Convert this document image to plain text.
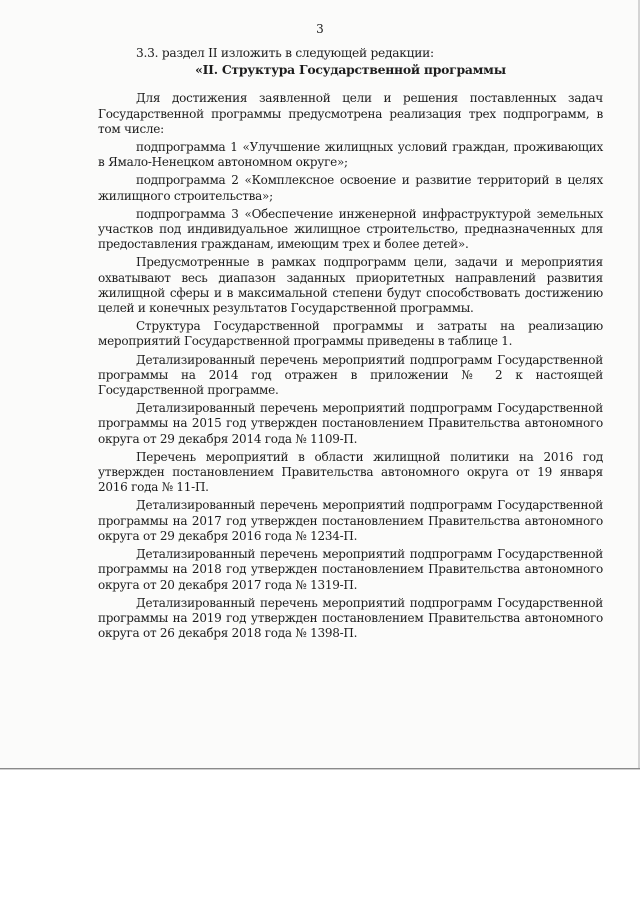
3
3.3. раздел II изложить в следующей редакции:
«II. Структура Государственной программы

Для достижения заявленной цели и решения поставленных задач Государственной программы предусмотрена реализация трех подпрограмм, в том числе:

подпрограмма 1 «Улучшение жилищных условий граждан, проживающих в Ямало-Ненецком автономном округе»;

подпрограмма 2 «Комплексное освоение и развитие территорий в целях жилищного строительства»;

подпрограмма 3 «Обеспечение инженерной инфраструктурой земельных участков под индивидуальное жилищное строительство, предназначенных для предоставления гражданам, имеющим трех и более детей».

Предусмотренные в рамках подпрограмм цели, задачи и мероприятия охватывают весь диапазон заданных приоритетных направлений развития жилищной сферы и в максимальной степени будут способствовать достижению целей и конечных результатов Государственной программы.

Структура Государственной программы и затраты на реализацию мероприятий Государственной программы приведены в таблице 1.

Детализированный перечень мероприятий подпрограмм Государственной программы на 2014 год отражен в приложении № 2 к настоящей Государственной программе.

Детализированный перечень мероприятий подпрограмм Государственной программы на 2015 год утвержден постановлением Правительства автономного округа от 29 декабря 2014 года № 1109-П.

Перечень мероприятий в области жилищной политики на 2016 год утвержден постановлением Правительства автономного округа от 19 января 2016 года № 11-П.

Детализированный перечень мероприятий подпрограмм Государственной программы на 2017 год утвержден постановлением Правительства автономного округа от 29 декабря 2016 года № 1234-П.

Детализированный перечень мероприятий подпрограмм Государственной программы на 2018 год утвержден постановлением Правительства автономного округа от 20 декабря 2017 года № 1319-П.

Детализированный перечень мероприятий подпрограмм Государственной программы на 2019 год утвержден постановлением Правительства автономного округа от 26 декабря 2018 года № 1398-П.
